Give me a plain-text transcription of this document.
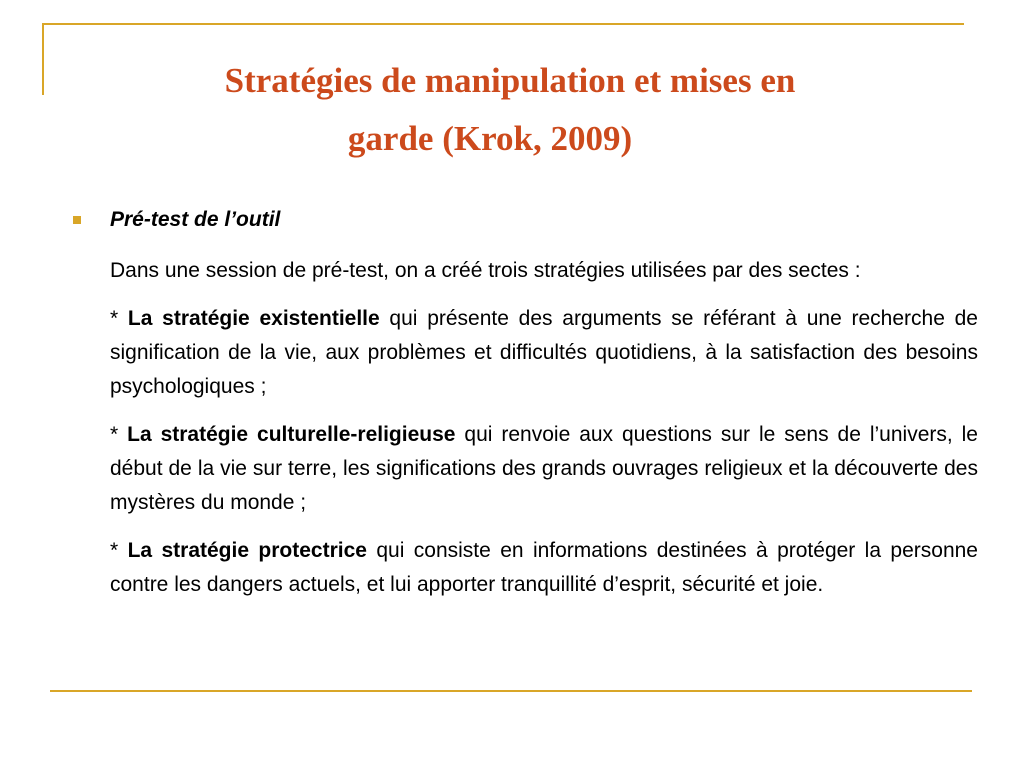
Stratégies de manipulation et mises en
garde (Krok, 2009)
Pré-test de l’outil

Dans une session de pré-test, on a créé trois stratégies utilisées par des sectes :

* La stratégie existentielle qui présente des arguments se référant à une recherche de signification de la vie, aux problèmes et difficultés quotidiens, à la satisfaction des besoins psychologiques ;

* La stratégie culturelle-religieuse qui renvoie aux questions sur le sens de l’univers, le début de la vie sur terre, les significations des grands ouvrages religieux et la découverte des mystères du monde ;

* La stratégie protectrice qui consiste en informations destinées à protéger la personne contre les dangers actuels, et lui apporter tranquillité d’esprit, sécurité et joie.
